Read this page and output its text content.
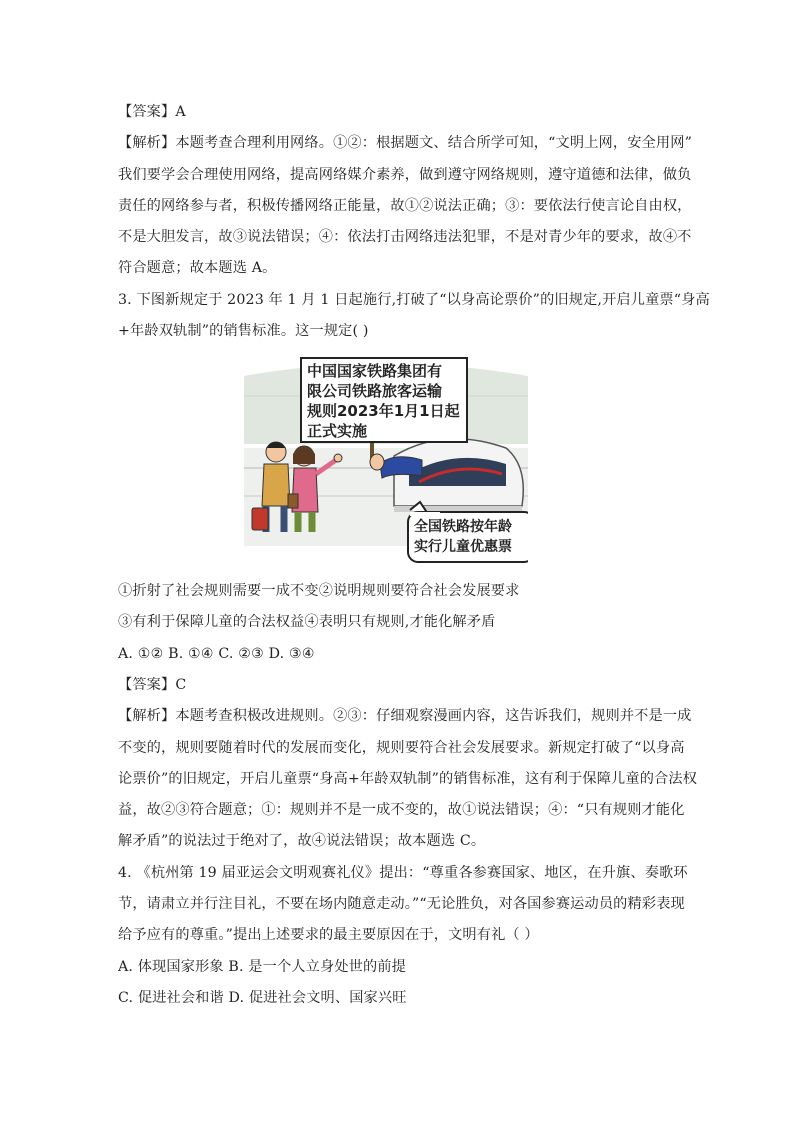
【答案】A
【解析】本题考查合理利用网络。①②：根据题文、结合所学可知，“文明上网，安全用网”
我们要学会合理使用网络，提高网络媒介素养，做到遵守网络规则，遵守道德和法律，做负
责任的网络参与者，积极传播网络正能量，故①②说法正确；③：要依法行使言论自由权，
不是大胆发言，故③说法错误；④：依法打击网络违法犯罪，不是对青少年的要求，故④不
符合题意；故本题选 A。
3. 下图新规定于 2023 年 1 月 1 日起施行,打破了“以身高论票价”的旧规定,开启儿童票“身高
+年龄双轨制”的销售标准。这一规定( )
中国国家铁路集团有
限公司铁路旅客运输
规则2023年1月1日起
正式实施
全国铁路按年龄
实行儿童优惠票
①折射了社会规则需要一成不变②说明规则要符合社会发展要求
③有利于保障儿童的合法权益④表明只有规则,才能化解矛盾
A. ①② B. ①④ C. ②③ D. ③④
【答案】C
【解析】本题考查积极改进规则。②③：仔细观察漫画内容，这告诉我们，规则并不是一成
不变的，规则要随着时代的发展而变化，规则要符合社会发展要求。新规定打破了“以身高
论票价”的旧规定，开启儿童票“身高+年龄双轨制”的销售标准，这有利于保障儿童的合法权
益，故②③符合题意；①：规则并不是一成不变的，故①说法错误；④：“只有规则才能化
解矛盾”的说法过于绝对了，故④说法错误；故本题选 C。
4. 《杭州第 19 届亚运会文明观赛礼仪》提出：“尊重各参赛国家、地区，在升旗、奏歌环
节，请肃立并行注目礼，不要在场内随意走动。”“无论胜负，对各国参赛运动员的精彩表现
给予应有的尊重。”提出上述要求的最主要原因在于，文明有礼（ ）
A. 体现国家形象 B. 是一个人立身处世的前提
C. 促进社会和谐 D. 促进社会文明、国家兴旺
